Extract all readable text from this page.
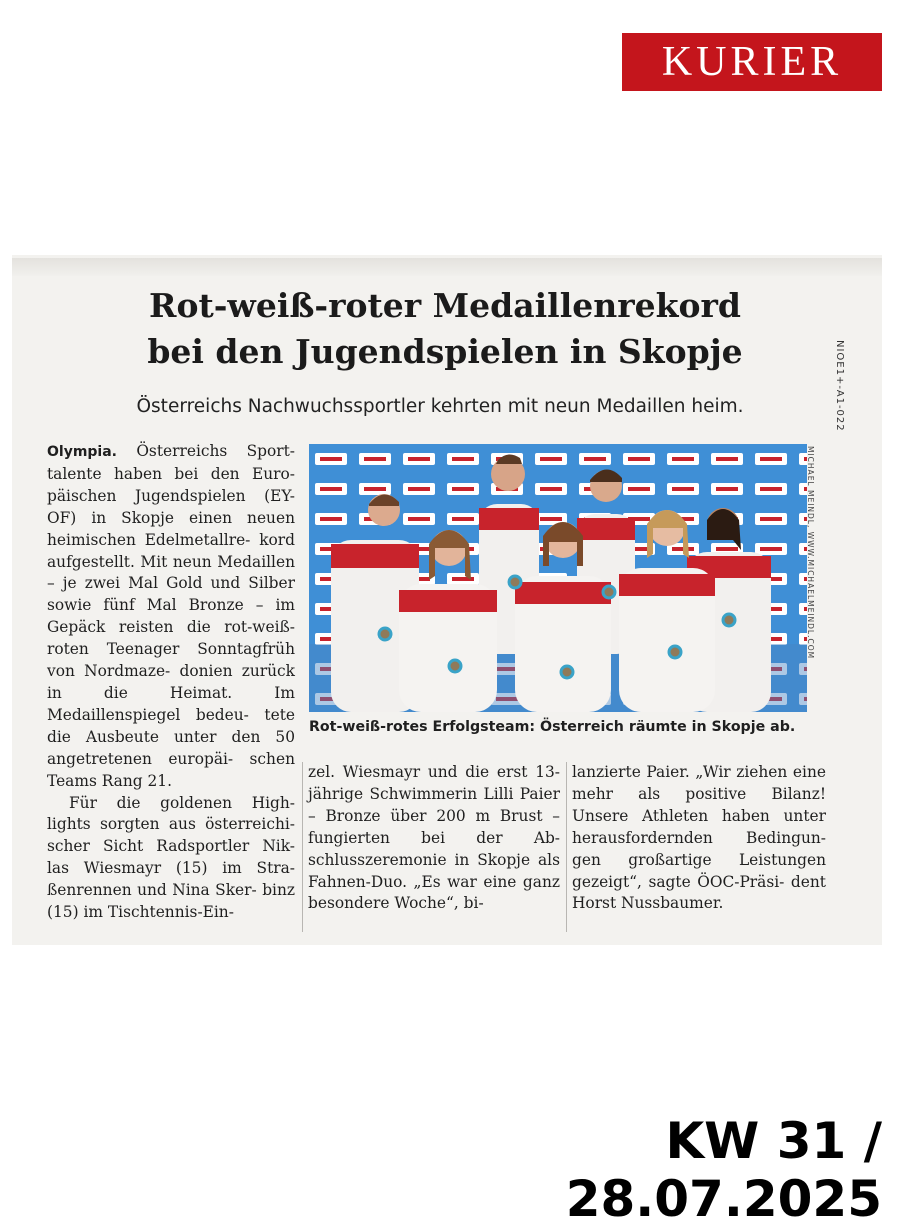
KURIER
Rot-weiß-roter Medaillenrekord
bei den Jugendspielen in Skopje

Österreichs Nachwuchssportler kehrten mit neun Medaillen heim.	NIOE1+-A1-022

Olympia. Österreichs Sport- talente haben bei den Euro- päischen Jugendspielen (EY- OF) in Skopje einen neuen heimischen Edelmetallre- kord aufgestellt. Mit neun Medaillen – je zwei Mal Gold und Silber sowie fünf Mal Bronze – im Gepäck reisten die rot-weiß-roten Teenager Sonntagfrüh von Nordmaze- donien zurück in die Heimat.	Im Medaillenspiegel bedeu- tete die Ausbeute unter den 50 angetretenen europäi- schen Teams Rang 21.

Für die goldenen High- lights sorgten aus österreichi- scher Sicht Radsportler Nik- las Wiesmayr (15) im Stra- ßenrennen und Nina Sker- binz (15) im Tischtennis-Ein-

MICHAEL MEINDL, WWW.MICHAELMEINDL.COM

Rot-weiß-rotes Erfolgsteam: Österreich räumte in Skopje ab.

zel. Wiesmayr und die erst 13-jährige Schwimmerin Lilli Paier – Bronze über 200 m Brust – fungierten bei der Ab- schlusszeremonie in Skopje als Fahnen-Duo. „Es war eine ganz besondere Woche“, bi-

lanzierte Paier. „Wir ziehen eine mehr als positive Bilanz! Unsere Athleten haben unter herausfordernden Bedingun- gen großartige Leistungen gezeigt“, sagte ÖOC-Präsi- dent Horst Nussbaumer.

KW 31 / 28.07.2025
